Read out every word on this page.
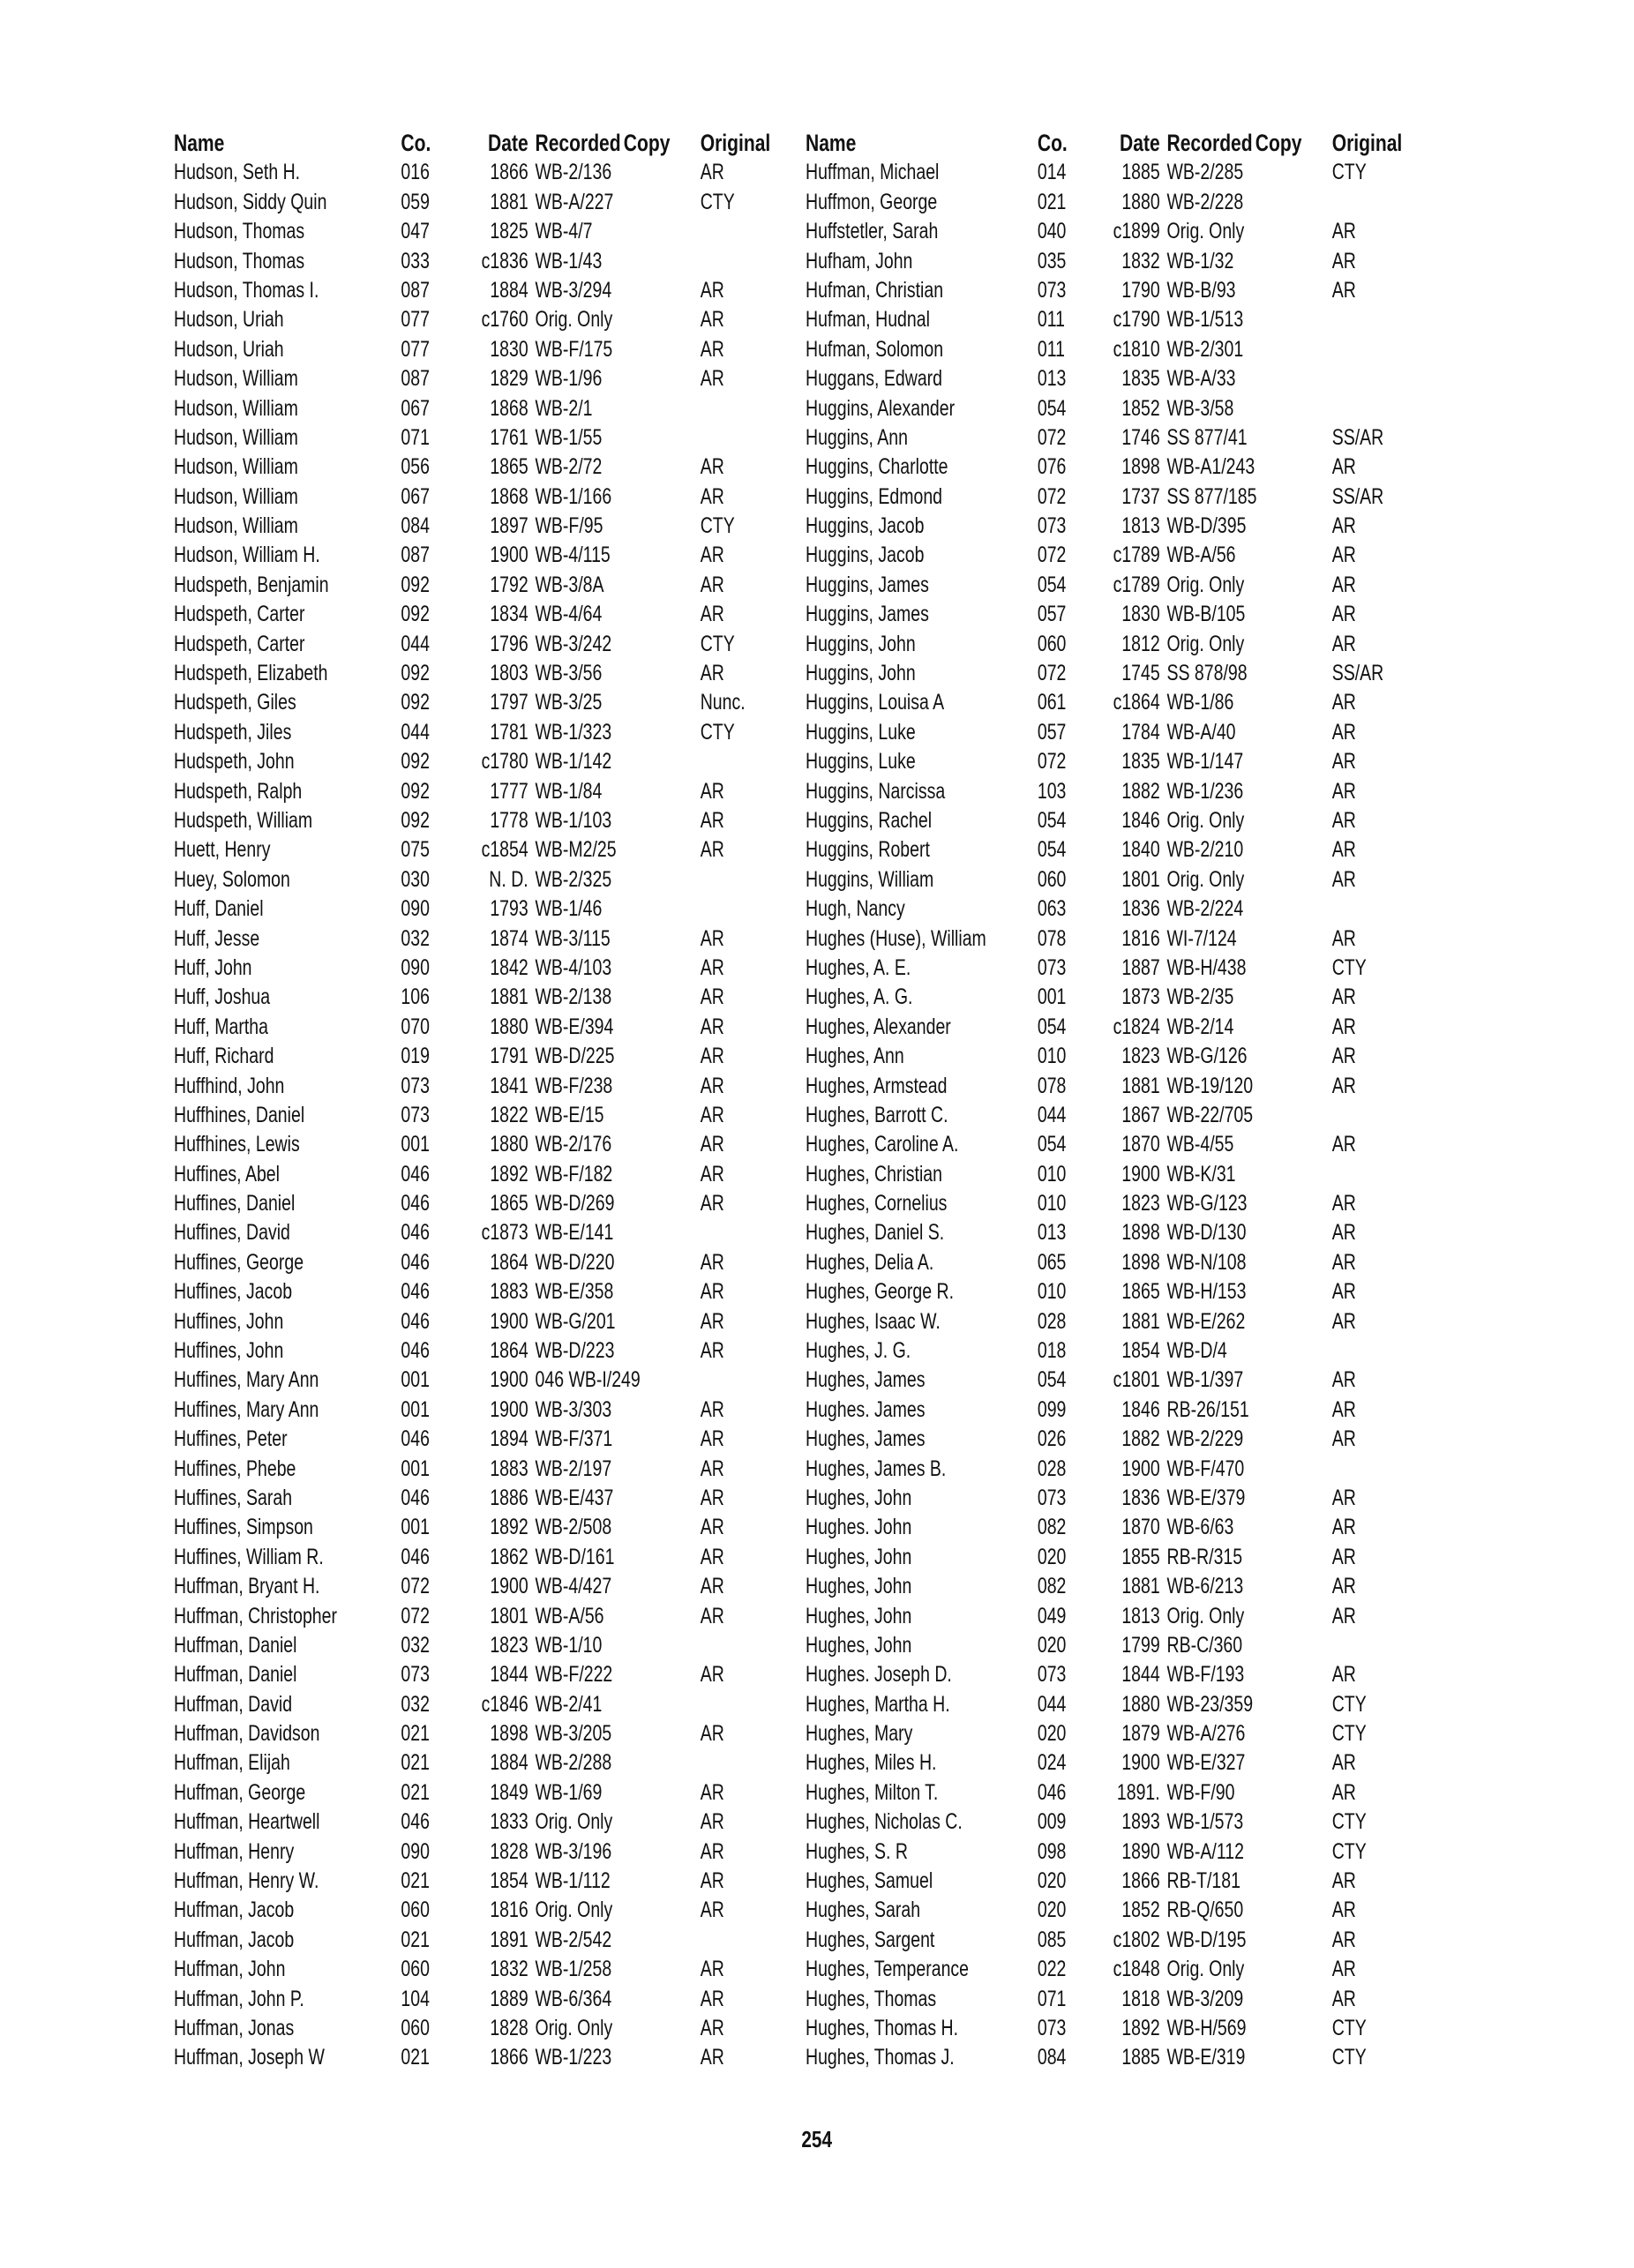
Name	Co.	Date Recorded Copy Original
Hudson, Seth H.	016	1866 WB-2/136	AR
Hudson, Siddy Quin	059	1881 WB-A/227	CTY
Hudson, Thomas	047	1825 WB-4/7
Hudson, Thomas	033	c1836 WB-1/43
Hudson, Thomas I.	087	1884 WB-3/294	AR
Hudson, Uriah	077	c1760 Orig. Only	AR
Hudson, Uriah	077	1830 WB-F/175	AR
Hudson, William	087	1829 WB-1/96	AR
Hudson, William	067	1868 WB-2/1
Hudson, William	071	1761 WB-1/55
Hudson, William	056	1865 WB-2/72	AR
Hudson, William	067	1868 WB-1/166	AR
Hudson, William	084	1897 WB-F/95	CTY
Hudson, William H.	087	1900 WB-4/115	AR
Hudspeth, Benjamin	092	1792 WB-3/8A	AR
Hudspeth, Carter	092	1834 WB-4/64	AR
Hudspeth, Carter	044	1796 WB-3/242	CTY
Hudspeth, Elizabeth	092	1803 WB-3/56	AR
Hudspeth, Giles	092	1797 WB-3/25	Nunc.
Hudspeth, Jiles	044	1781 WB-1/323	CTY
Hudspeth, John	092	c1780 WB-1/142
Hudspeth, Ralph	092	1777 WB-1/84	AR
Hudspeth, William	092	1778 WB-1/103	AR
Huett, Henry	075	c1854 WB-M2/25	AR
Huey, Solomon	030	N. D. WB-2/325
Huff, Daniel	090	1793 WB-1/46
Huff, Jesse	032	1874 WB-3/115	AR
Huff, John	090	1842 WB-4/103	AR
Huff, Joshua	106	1881 WB-2/138	AR
Huff, Martha	070	1880 WB-E/394	AR
Huff, Richard	019	1791 WB-D/225	AR
Huffhind, John	073	1841 WB-F/238	AR
Huffhines, Daniel	073	1822 WB-E/15	AR
Huffhines, Lewis	001	1880 WB-2/176	AR
Huffines, Abel	046	1892 WB-F/182	AR
Huffines, Daniel	046	1865 WB-D/269	AR
Huffines, David	046	c1873 WB-E/141
Huffines, George	046	1864 WB-D/220	AR
Huffines, Jacob	046	1883 WB-E/358	AR
Huffines, John	046	1900 WB-G/201	AR
Huffines, John	046	1864 WB-D/223	AR
Huffines, Mary Ann	001	1900 046 WB-I/249
Huffines, Mary Ann	001	1900 WB-3/303	AR
Huffines, Peter	046	1894 WB-F/371	AR
Huffines, Phebe	001	1883 WB-2/197	AR
Huffines, Sarah	046	1886 WB-E/437	AR
Huffines, Simpson	001	1892 WB-2/508	AR
Huffines, William R.	046	1862 WB-D/161	AR
Huffman, Bryant H.	072	1900 WB-4/427	AR
Huffman, Christopher	072	1801 WB-A/56	AR
Huffman, Daniel	032	1823 WB-1/10
Huffman, Daniel	073	1844 WB-F/222	AR
Huffman, David	032	c1846 WB-2/41
Huffman, Davidson	021	1898 WB-3/205	AR
Huffman, Elijah	021	1884 WB-2/288
Huffman, George	021	1849 WB-1/69	AR
Huffman, Heartwell	046	1833 Orig. Only	AR
Huffman, Henry	090	1828 WB-3/196	AR
Huffman, Henry W.	021	1854 WB-1/112	AR
Huffman, Jacob	060	1816 Orig. Only	AR
Huffman, Jacob	021	1891 WB-2/542
Huffman, John	060	1832 WB-1/258	AR
Huffman, John P.	104	1889 WB-6/364	AR
Huffman, Jonas	060	1828 Orig. Only	AR
Huffman, Joseph W	021	1866 WB-1/223	AR
Name	Co.	Date Recorded Copy Original
Huffman, Michael	014	1885 WB-2/285	CTY
Huffmon, George	021	1880 WB-2/228
Huffstetler, Sarah	040	c1899 Orig. Only	AR
Hufham, John	035	1832 WB-1/32	AR
Hufman, Christian	073	1790 WB-B/93	AR
Hufman, Hudnal	011	c1790 WB-1/513
Hufman, Solomon	011	c1810 WB-2/301
Huggans, Edward	013	1835 WB-A/33
Huggins, Alexander	054	1852 WB-3/58
Huggins, Ann	072	1746 SS 877/41	SS/AR
Huggins, Charlotte	076	1898 WB-A1/243	AR
Huggins, Edmond	072	1737 SS 877/185	SS/AR
Huggins, Jacob	073	1813 WB-D/395	AR
Huggins, Jacob	072	c1789 WB-A/56	AR
Huggins, James	054	c1789 Orig. Only	AR
Huggins, James	057	1830 WB-B/105	AR
Huggins, John	060	1812 Orig. Only	AR
Huggins, John	072	1745 SS 878/98	SS/AR
Huggins, Louisa A	061	c1864 WB-1/86	AR
Huggins, Luke	057	1784 WB-A/40	AR
Huggins, Luke	072	1835 WB-1/147	AR
Huggins, Narcissa	103	1882 WB-1/236	AR
Huggins, Rachel	054	1846 Orig. Only	AR
Huggins, Robert	054	1840 WB-2/210	AR
Huggins, William	060	1801 Orig. Only	AR
Hugh, Nancy	063	1836 WB-2/224
Hughes (Huse), William 078	1816 WI-7/124	AR
Hughes, A. E.	073	1887 WB-H/438	CTY
Hughes, A. G.	001	1873 WB-2/35	AR
Hughes, Alexander	054	c1824 WB-2/14	AR
Hughes, Ann	010	1823 WB-G/126	AR
Hughes, Armstead	078	1881 WB-19/120	AR
Hughes, Barrott C.	044	1867 WB-22/705
Hughes, Caroline A.	054	1870 WB-4/55	AR
Hughes, Christian	010	1900 WB-K/31
Hughes, Cornelius	010	1823 WB-G/123	AR
Hughes, Daniel S.	013	1898 WB-D/130	AR
Hughes, Delia A.	065	1898 WB-N/108	AR
Hughes, George R.	010	1865 WB-H/153	AR
Hughes, Isaac W.	028	1881 WB-E/262	AR
Hughes, J. G.	018	1854 WB-D/4
Hughes, James	054	c1801 WB-1/397	AR
Hughes. James	099	1846 RB-26/151	AR
Hughes, James	026	1882 WB-2/229	AR
Hughes, James B.	028	1900 WB-F/470
Hughes, John	073	1836 WB-E/379	AR
Hughes. John	082	1870 WB-6/63	AR
Hughes, John	020	1855 RB-R/315	AR
Hughes, John	082	1881 WB-6/213	AR
Hughes, John	049	1813 Orig. Only	AR
Hughes, John	020	1799 RB-C/360
Hughes. Joseph D.	073	1844 WB-F/193	AR
Hughes, Martha H.	044	1880 WB-23/359	CTY
Hughes, Mary	020	1879 WB-A/276	CTY
Hughes, Miles H.	024	1900 WB-E/327	AR
Hughes, Milton T.	046	1891. WB-F/90	AR
Hughes, Nicholas C.	009	1893 WB-1/573	CTY
Hughes, S. R	098	1890 WB-A/112	CTY
Hughes, Samuel	020	1866 RB-T/181	AR
Hughes, Sarah	020	1852 RB-Q/650	AR
Hughes, Sargent	085	c1802 WB-D/195	AR
Hughes, Temperance	022	c1848 Orig. Only	AR
Hughes, Thomas	071	1818 WB-3/209	AR
Hughes, Thomas H.	073	1892 WB-H/569	CTY
Hughes, Thomas J.	084	1885 WB-E/319	CTY
254
